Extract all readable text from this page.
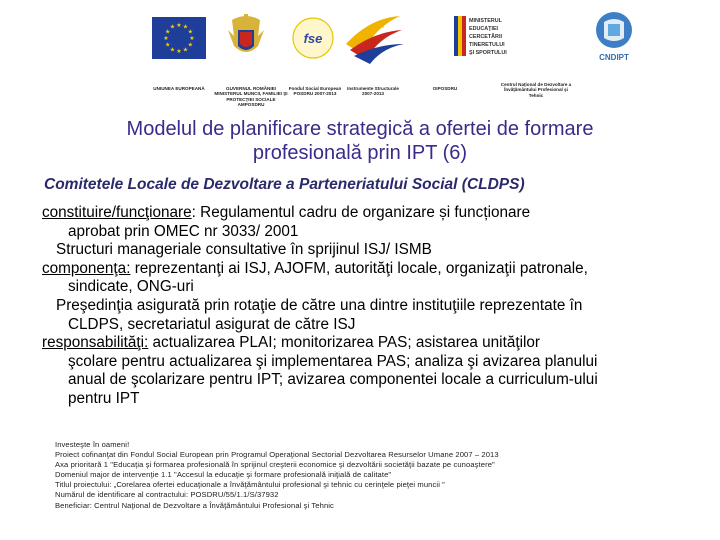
★ ★
★
★
★
★
★
★
★
★
★
★
UNIUNEA EUROPEANĂ	GUVERNUL ROMÂNIEI
MINISTERUL MUNCII, FAMILIEI ŞI
PROTECŢIEI SOCIALE
AMPOSDRU
fse
Fondul Social European
POSDRU 2007-2013
★
Instrumente Structurale
2007-2013
OIPOSDRU
MINISTERUL
EDUCAŢIEI
CERCETĂRII
TINERETULUI
ŞI SPORTULUI
Centrul Naţional de Dezvoltare a
Învăţământului Profesional şi
Tehnic
CNDIPT
Modelul de planificare strategică a ofertei de formare
profesională prin IPT (6)
Comitetele Locale de Dezvoltare a Parteneriatului Social (CLDPS)

constituire/funcţionare: Regulamentul cadru de organizare și funcționare

aprobat prin OMEC nr 3033/ 2001

Structuri manageriale consultative în sprijinul ISJ/ ISMB

componenţa: reprezentanţi ai ISJ, AJOFM, autorităţi locale, organizaţii patronale,

sindicate, ONG-uri

Preşedinţia asigurată prin rotaţie de către una dintre instituţiile reprezentate în

CLDPS, secretariatul asigurat de către ISJ

responsabilităţi: actualizarea PLAI; monitorizarea PAS; asistarea unităţilor

şcolare pentru actualizarea şi implementarea PAS; analiza şi avizarea planului

anual de şcolarizare pentru IPT; avizarea componentei locale a curriculum-ului

pentru IPT

Investeşte în oameni!
Proiect cofinanţat din Fondul Social European prin Programul Operaţional Sectorial Dezvoltarea Resurselor Umane 2007 – 2013
Axa prioritară 1 "Educaţia şi formarea profesională în sprijinul creşterii economice şi dezvoltării societăţii bazate pe cunoaştere"
Domeniul major de intervenţie 1.1 "Accesul la educaţie şi formare profesională iniţială de calitate"
Titlul proiectului: „Corelarea ofertei educaţionale a învăţământului profesional şi tehnic cu cerinţele pieţei muncii ”
Numărul de identificare al contractului: POSDRU/55/1.1/S/37932
Beneficiar: Centrul Naţional de Dezvoltare a Învăţământului Profesional şi Tehnic
